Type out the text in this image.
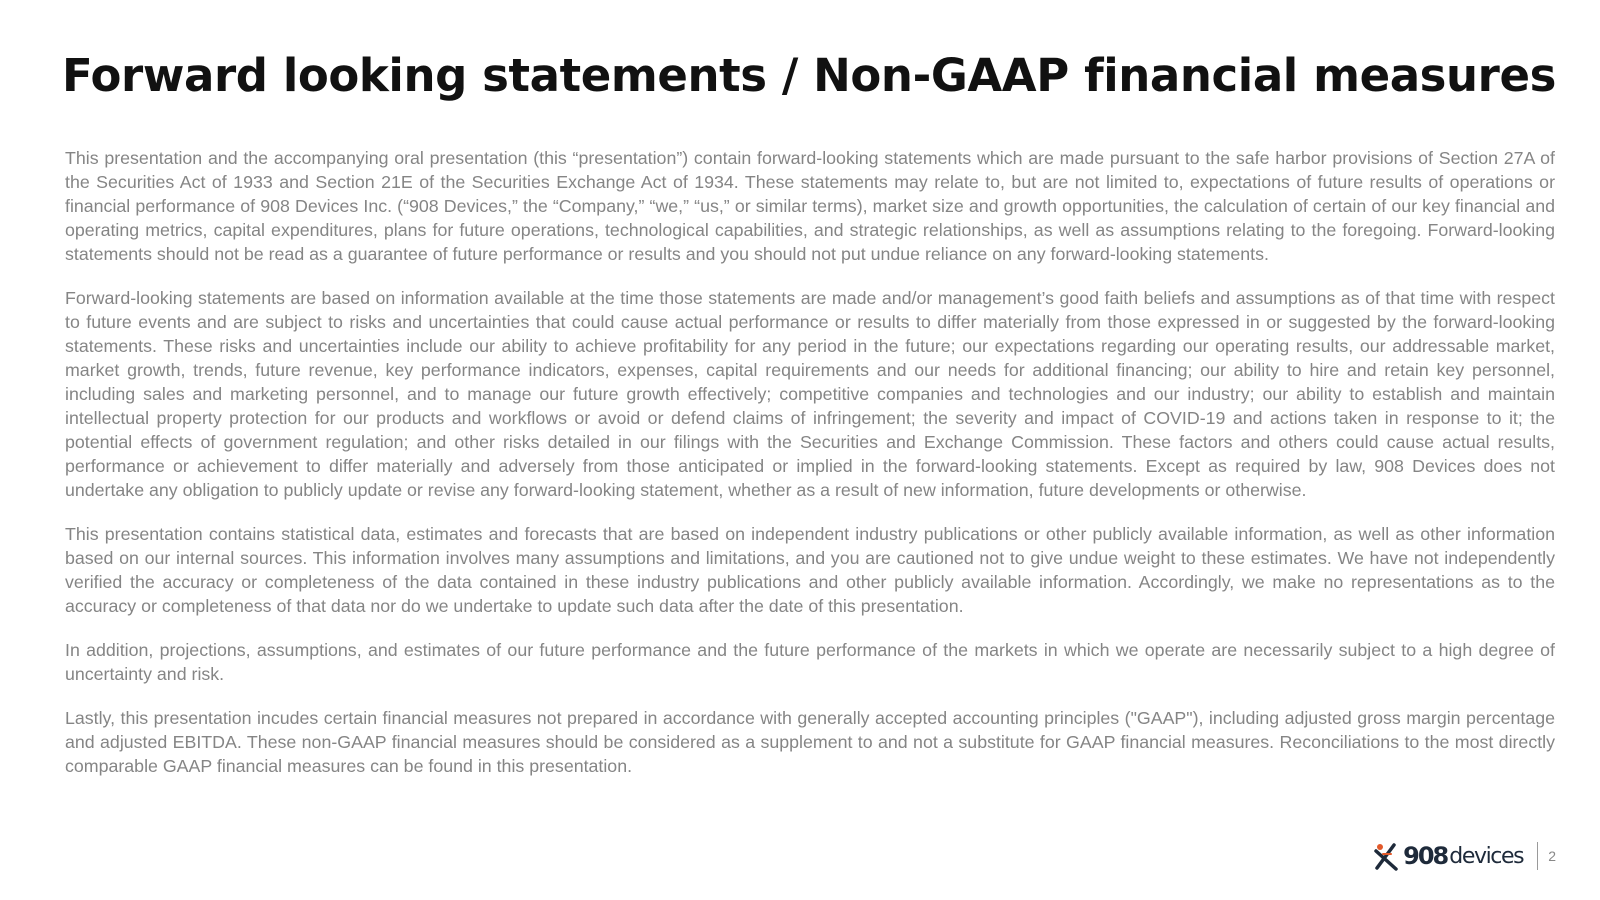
Forward looking statements / Non-GAAP financial measures

This presentation and the accompanying oral presentation (this “presentation”) contain forward-looking statements which are made pursuant to the safe harbor provisions of Section 27A of the Securities Act of 1933 and Section 21E of the Securities Exchange Act of 1934. These statements may relate to, but are not limited to, expectations of future results of operations or financial performance of 908 Devices Inc. (“908 Devices,” the “Company,” “we,” “us,” or similar terms), market size and growth opportunities, the calculation of certain of our key financial and operating metrics, capital expenditures, plans for future operations, technological capabilities, and strategic relationships, as well as assumptions relating to the foregoing. Forward-looking statements should not be read as a guarantee of future performance or results and you should not put undue reliance on any forward-looking statements.

Forward-looking statements are based on information available at the time those statements are made and/or management’s good faith beliefs and assumptions as of that time with respect to future events and are subject to risks and uncertainties that could cause actual performance or results to differ materially from those expressed in or suggested by the forward-looking statements. These risks and uncertainties include our ability to achieve profitability for any period in the future; our expectations regarding our operating results, our addressable market, market growth, trends, future revenue, key performance indicators, expenses, capital requirements and our needs for additional financing; our ability to hire and retain key personnel, including sales and marketing personnel, and to manage our future growth effectively; competitive companies and technologies and our industry; our ability to establish and maintain intellectual property protection for our products and workflows or avoid or defend claims of infringement; the severity and impact of COVID-19 and actions taken in response to it; the potential effects of government regulation; and other risks detailed in our filings with the Securities and Exchange Commission. These factors and others could cause actual results, performance or achievement to differ materially and adversely from those anticipated or implied in the forward-looking statements. Except as required by law, 908 Devices does not undertake any obligation to publicly update or revise any forward-looking statement, whether as a result of new information, future developments or otherwise.

This presentation contains statistical data, estimates and forecasts that are based on independent industry publications or other publicly available information, as well as other information based on our internal sources. This information involves many assumptions and limitations, and you are cautioned not to give undue weight to these estimates. We have not independently verified the accuracy or completeness of the data contained in these industry publications and other publicly available information. Accordingly, we make no representations as to the accuracy or completeness of that data nor do we undertake to update such data after the date of this presentation.

In addition, projections, assumptions, and estimates of our future performance and the future performance of the markets in which we operate are necessarily subject to a high degree of uncertainty and risk.

Lastly, this presentation incudes certain financial measures not prepared in accordance with generally accepted accounting principles ("GAAP"), including adjusted gross margin percentage and adjusted EBITDA. These non-GAAP financial measures should be considered as a supplement to and not a substitute for GAAP financial measures. Reconciliations to the most directly comparable GAAP financial measures can be found in this presentation.

908 devices 2
